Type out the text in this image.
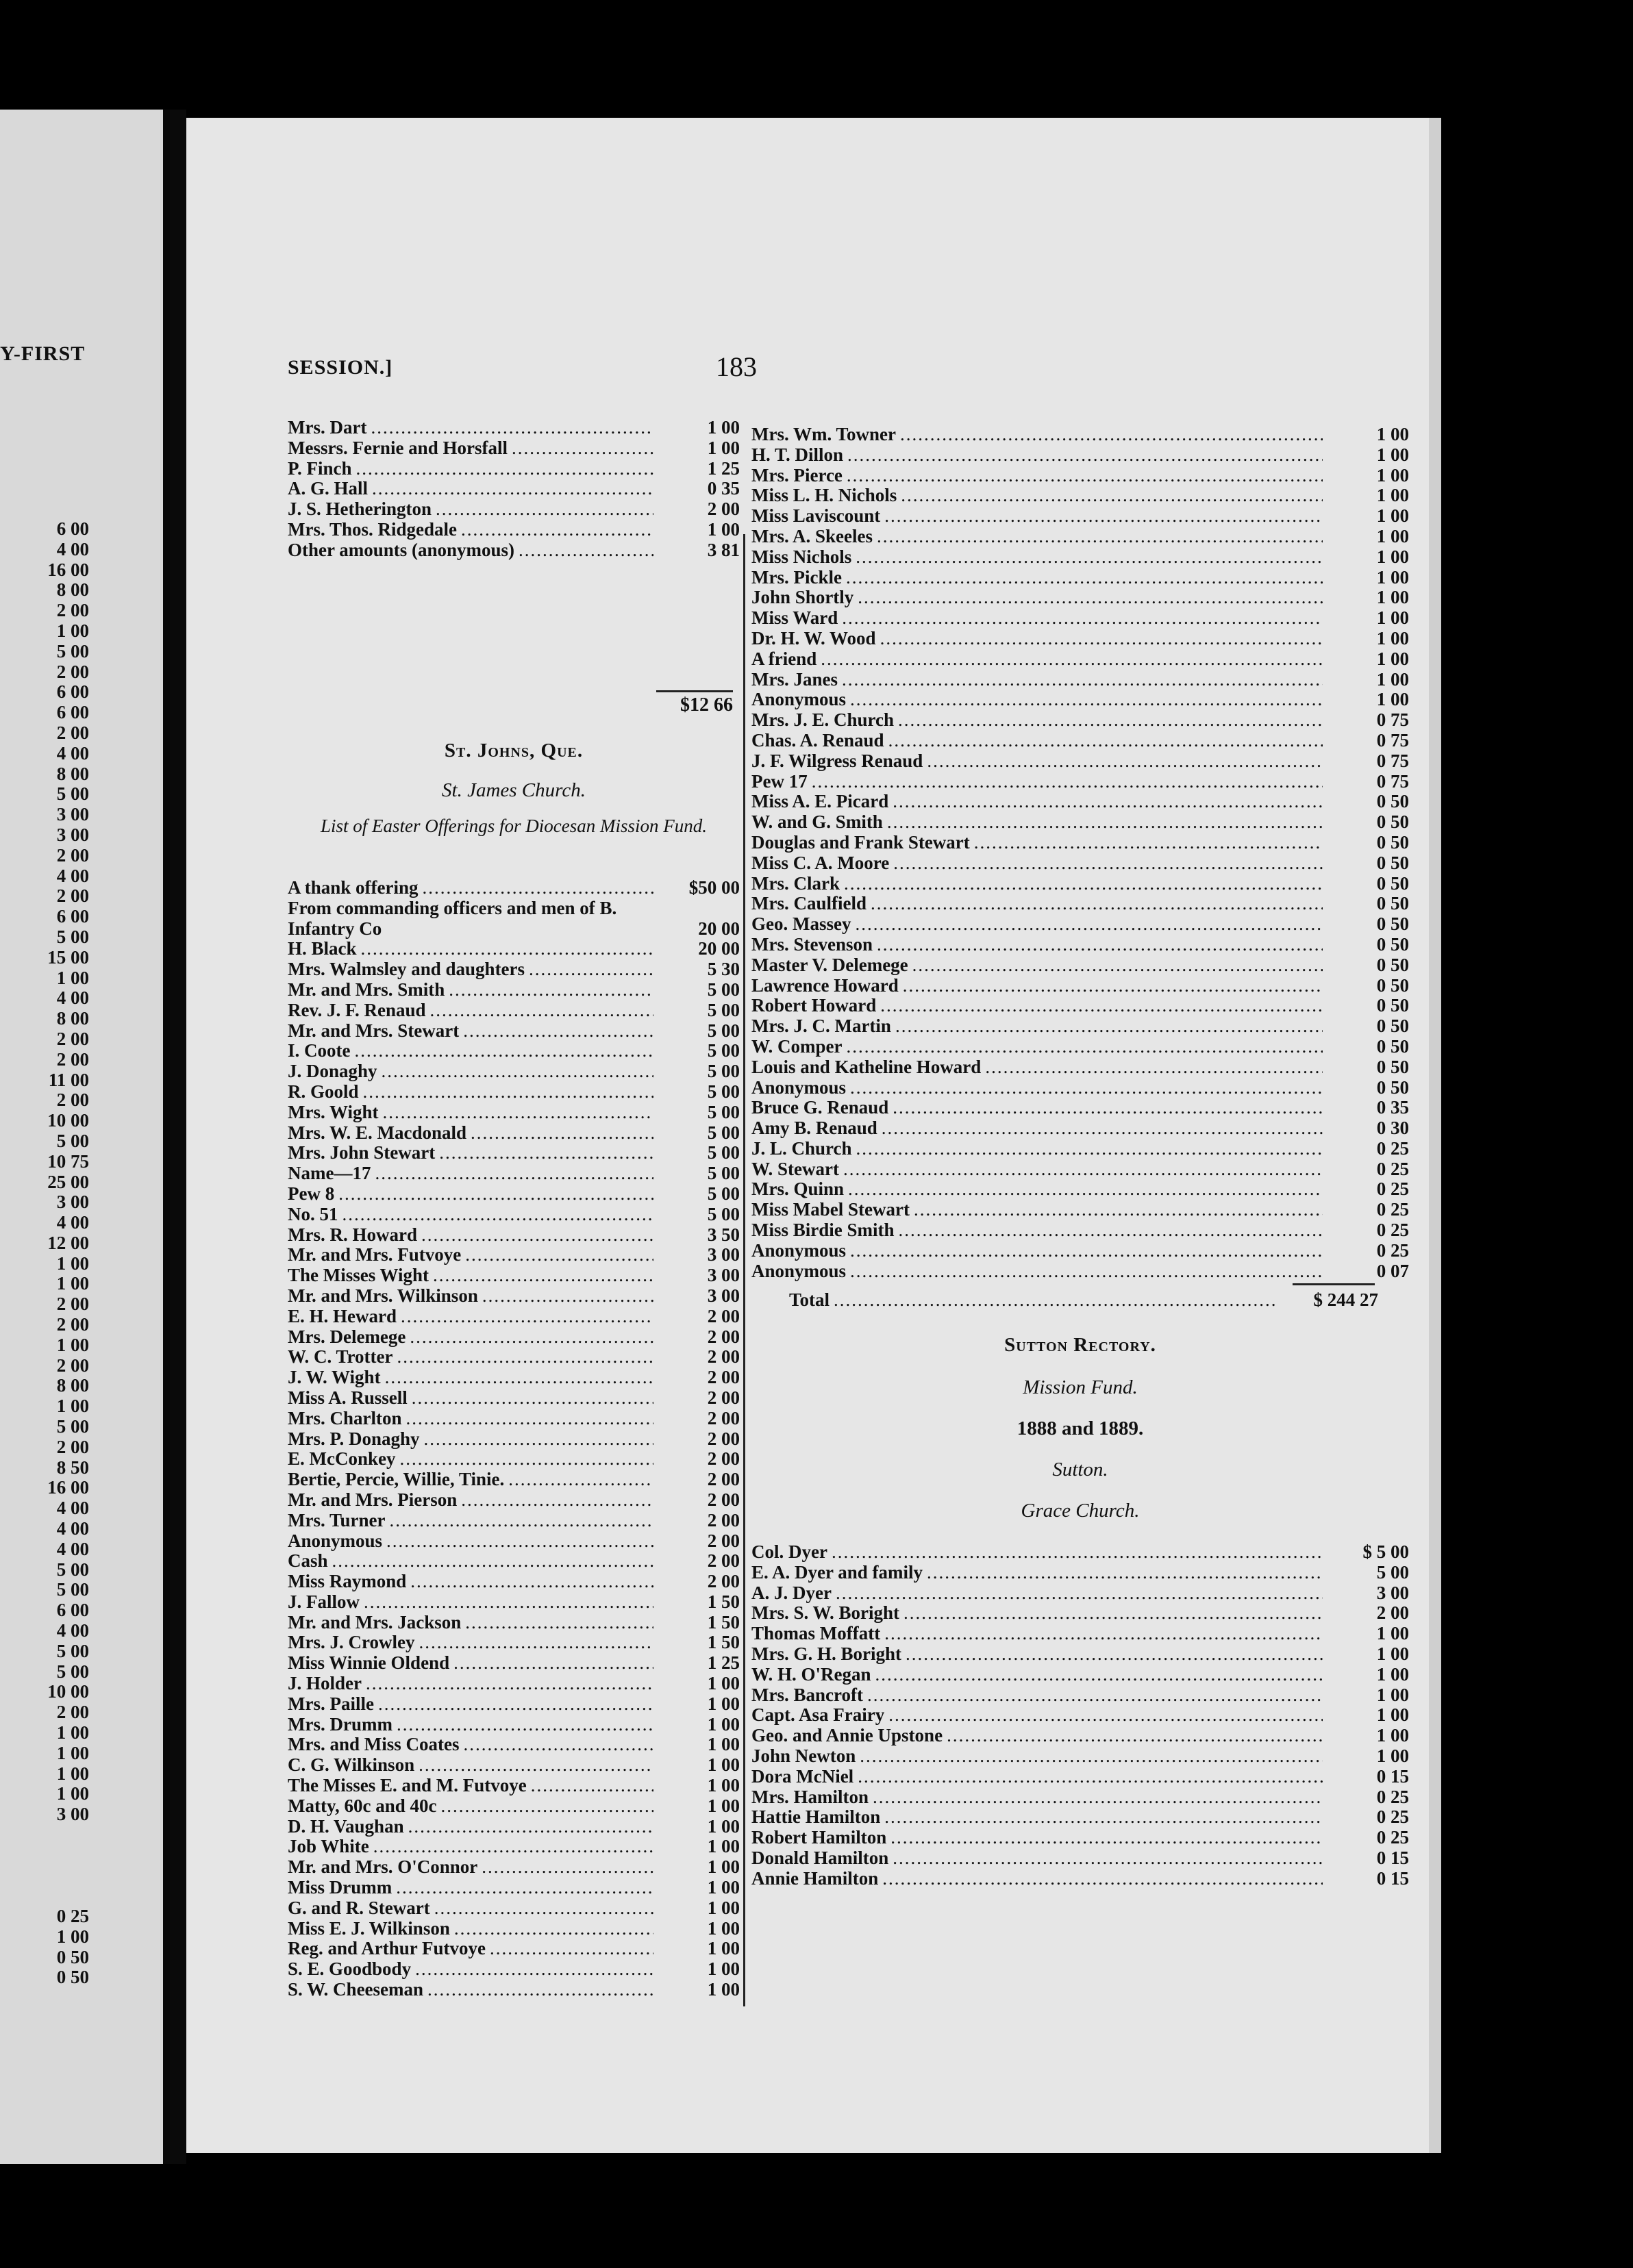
Y-FIRST
6 00
4 00
16 00
8 00
2 00
1 00
5 00
2 00
6 00
6 00
2 00
4 00
8 00
5 00
3 00
3 00
2 00
4 00
2 00
6 00
5 00
15 00
1 00
4 00
8 00
2 00
2 00
11 00
2 00
10 00
5 00
10 75
25 00
3 00
4 00
12 00
1 00
1 00
2 00
2 00
1 00
2 00
8 00
1 00
5 00
2 00
8 50
16 00
4 00
4 00
4 00
5 00
5 00
6 00
4 00
5 00
5 00
10 00
2 00
1 00
1 00
1 00
1 00
3 00
0 25
1 00
0 50
0 50
SESSION.]	183
Mrs. Dart .....	1 00
Messrs. Fernie and Horsfall .....	1 00
P. Finch .....	1 25
A. G. Hall .....	0 35
J. S. Hetherington .....	2 00
Mrs. Thos. Ridgedale .....	1 00
Other amounts (anonymous) .....	3 81
$12 66
St. Johns, Que.
St. James Church.
List of Easter Offerings for Diocesan Mission Fund.
A thank offering .....	$50 00
From commanding officers and men of B. Infantry Co	20 00
H. Black .....	20 00
Mrs. Walmsley and daughters .....	5 30
Mr. and Mrs. Smith .....	5 00
Rev. J. F. Renaud .....	5 00
Mr. and Mrs. Stewart .....	5 00
I. Coote .....	5 00
J. Donaghy .....	5 00
R. Goold .....	5 00
Mrs. Wight .....	5 00
Mrs. W. E. Macdonald .....	5 00
Mrs. John Stewart .....	5 00
Name—17 .....	5 00
Pew 8 .....	5 00
No. 51 .....	5 00
Mrs. R. Howard .....	3 50
Mr. and Mrs. Futvoye .....	3 00
The Misses Wight .....	3 00
Mr. and Mrs. Wilkinson .....	3 00
E. H. Heward .....	2 00
Mrs. Delemege .....	2 00
W. C. Trotter .....	2 00
J. W. Wight .....	2 00
Miss A. Russell .....	2 00
Mrs. Charlton .....	2 00
Mrs. P. Donaghy .....	2 00
E. McConkey .....	2 00
Bertie, Percie, Willie, Tinie. .....	2 00
Mr. and Mrs. Pierson .....	2 00
Mrs. Turner .....	2 00
Anonymous .....	2 00
Cash .....	2 00
Miss Raymond .....	2 00
J. Fallow .....	1 50
Mr. and Mrs. Jackson .....	1 50
Mrs. J. Crowley .....	1 50
Miss Winnie Oldend .....	1 25
J. Holder .....	1 00
Mrs. Paille .....	1 00
Mrs. Drumm .....	1 00
Mrs. and Miss Coates .....	1 00
C. G. Wilkinson .....	1 00
The Misses E. and M. Futvoye .....	1 00
Matty, 60c and 40c .....	1 00
D. H. Vaughan .....	1 00
Job White .....	1 00
Mr. and Mrs. O'Connor .....	1 00
Miss Drumm .....	1 00
G. and R. Stewart .....	1 00
Miss E. J. Wilkinson .....	1 00
Reg. and Arthur Futvoye .....	1 00
S. E. Goodbody .....	1 00
S. W. Cheeseman .....	1 00
Mrs. Wm. Towner .....	1 00
H. T. Dillon .....	1 00
Mrs. Pierce .....	1 00
Miss L. H. Nichols .....	1 00
Miss Laviscount .....	1 00
Mrs. A. Skeeles .....	1 00
Miss Nichols .....	1 00
Mrs. Pickle .....	1 00
John Shortly .....	1 00
Miss Ward .....	1 00
Dr. H. W. Wood .....	1 00
A friend .....	1 00
Mrs. Janes .....	1 00
Anonymous .....	1 00
Mrs. J. E. Church .....	0 75
Chas. A. Renaud .....	0 75
J. F. Wilgress Renaud .....	0 75
Pew 17 .....	0 75
Miss A. E. Picard .....	0 50
W. and G. Smith .....	0 50
Douglas and Frank Stewart .....	0 50
Miss C. A. Moore .....	0 50
Mrs. Clark .....	0 50
Mrs. Caulfield .....	0 50
Geo. Massey .....	0 50
Mrs. Stevenson .....	0 50
Master V. Delemege .....	0 50
Lawrence Howard .....	0 50
Robert Howard .....	0 50
Mrs. J. C. Martin .....	0 50
W. Comper .....	0 50
Louis and Katheline Howard .....	0 50
Anonymous .....	0 50
Bruce G. Renaud .....	0 35
Amy B. Renaud .....	0 30
J. L. Church .....	0 25
W. Stewart .....	0 25
Mrs. Quinn .....	0 25
Miss Mabel Stewart .....	0 25
Miss Birdie Smith .....	0 25
Anonymous .....	0 25
Anonymous .....	0 07
Total .....	$ 244 27
Sutton Rectory.
Mission Fund.
1888 and 1889.
Sutton.
Grace Church.
Col. Dyer .....	$ 5 00
E. A. Dyer and family .....	5 00
A. J. Dyer .....	3 00
Mrs. S. W. Boright .....	2 00
Thomas Moffatt .....	1 00
Mrs. G. H. Boright .....	1 00
W. H. O'Regan .....	1 00
Mrs. Bancroft .....	1 00
Capt. Asa Frairy .....	1 00
Geo. and Annie Upstone .....	1 00
John Newton .....	1 00
Dora McNiel .....	0 15
Mrs. Hamilton .....	0 25
Hattie Hamilton .....	0 25
Robert Hamilton .....	0 25
Donald Hamilton .....	0 15
Annie Hamilton .....	0 15
